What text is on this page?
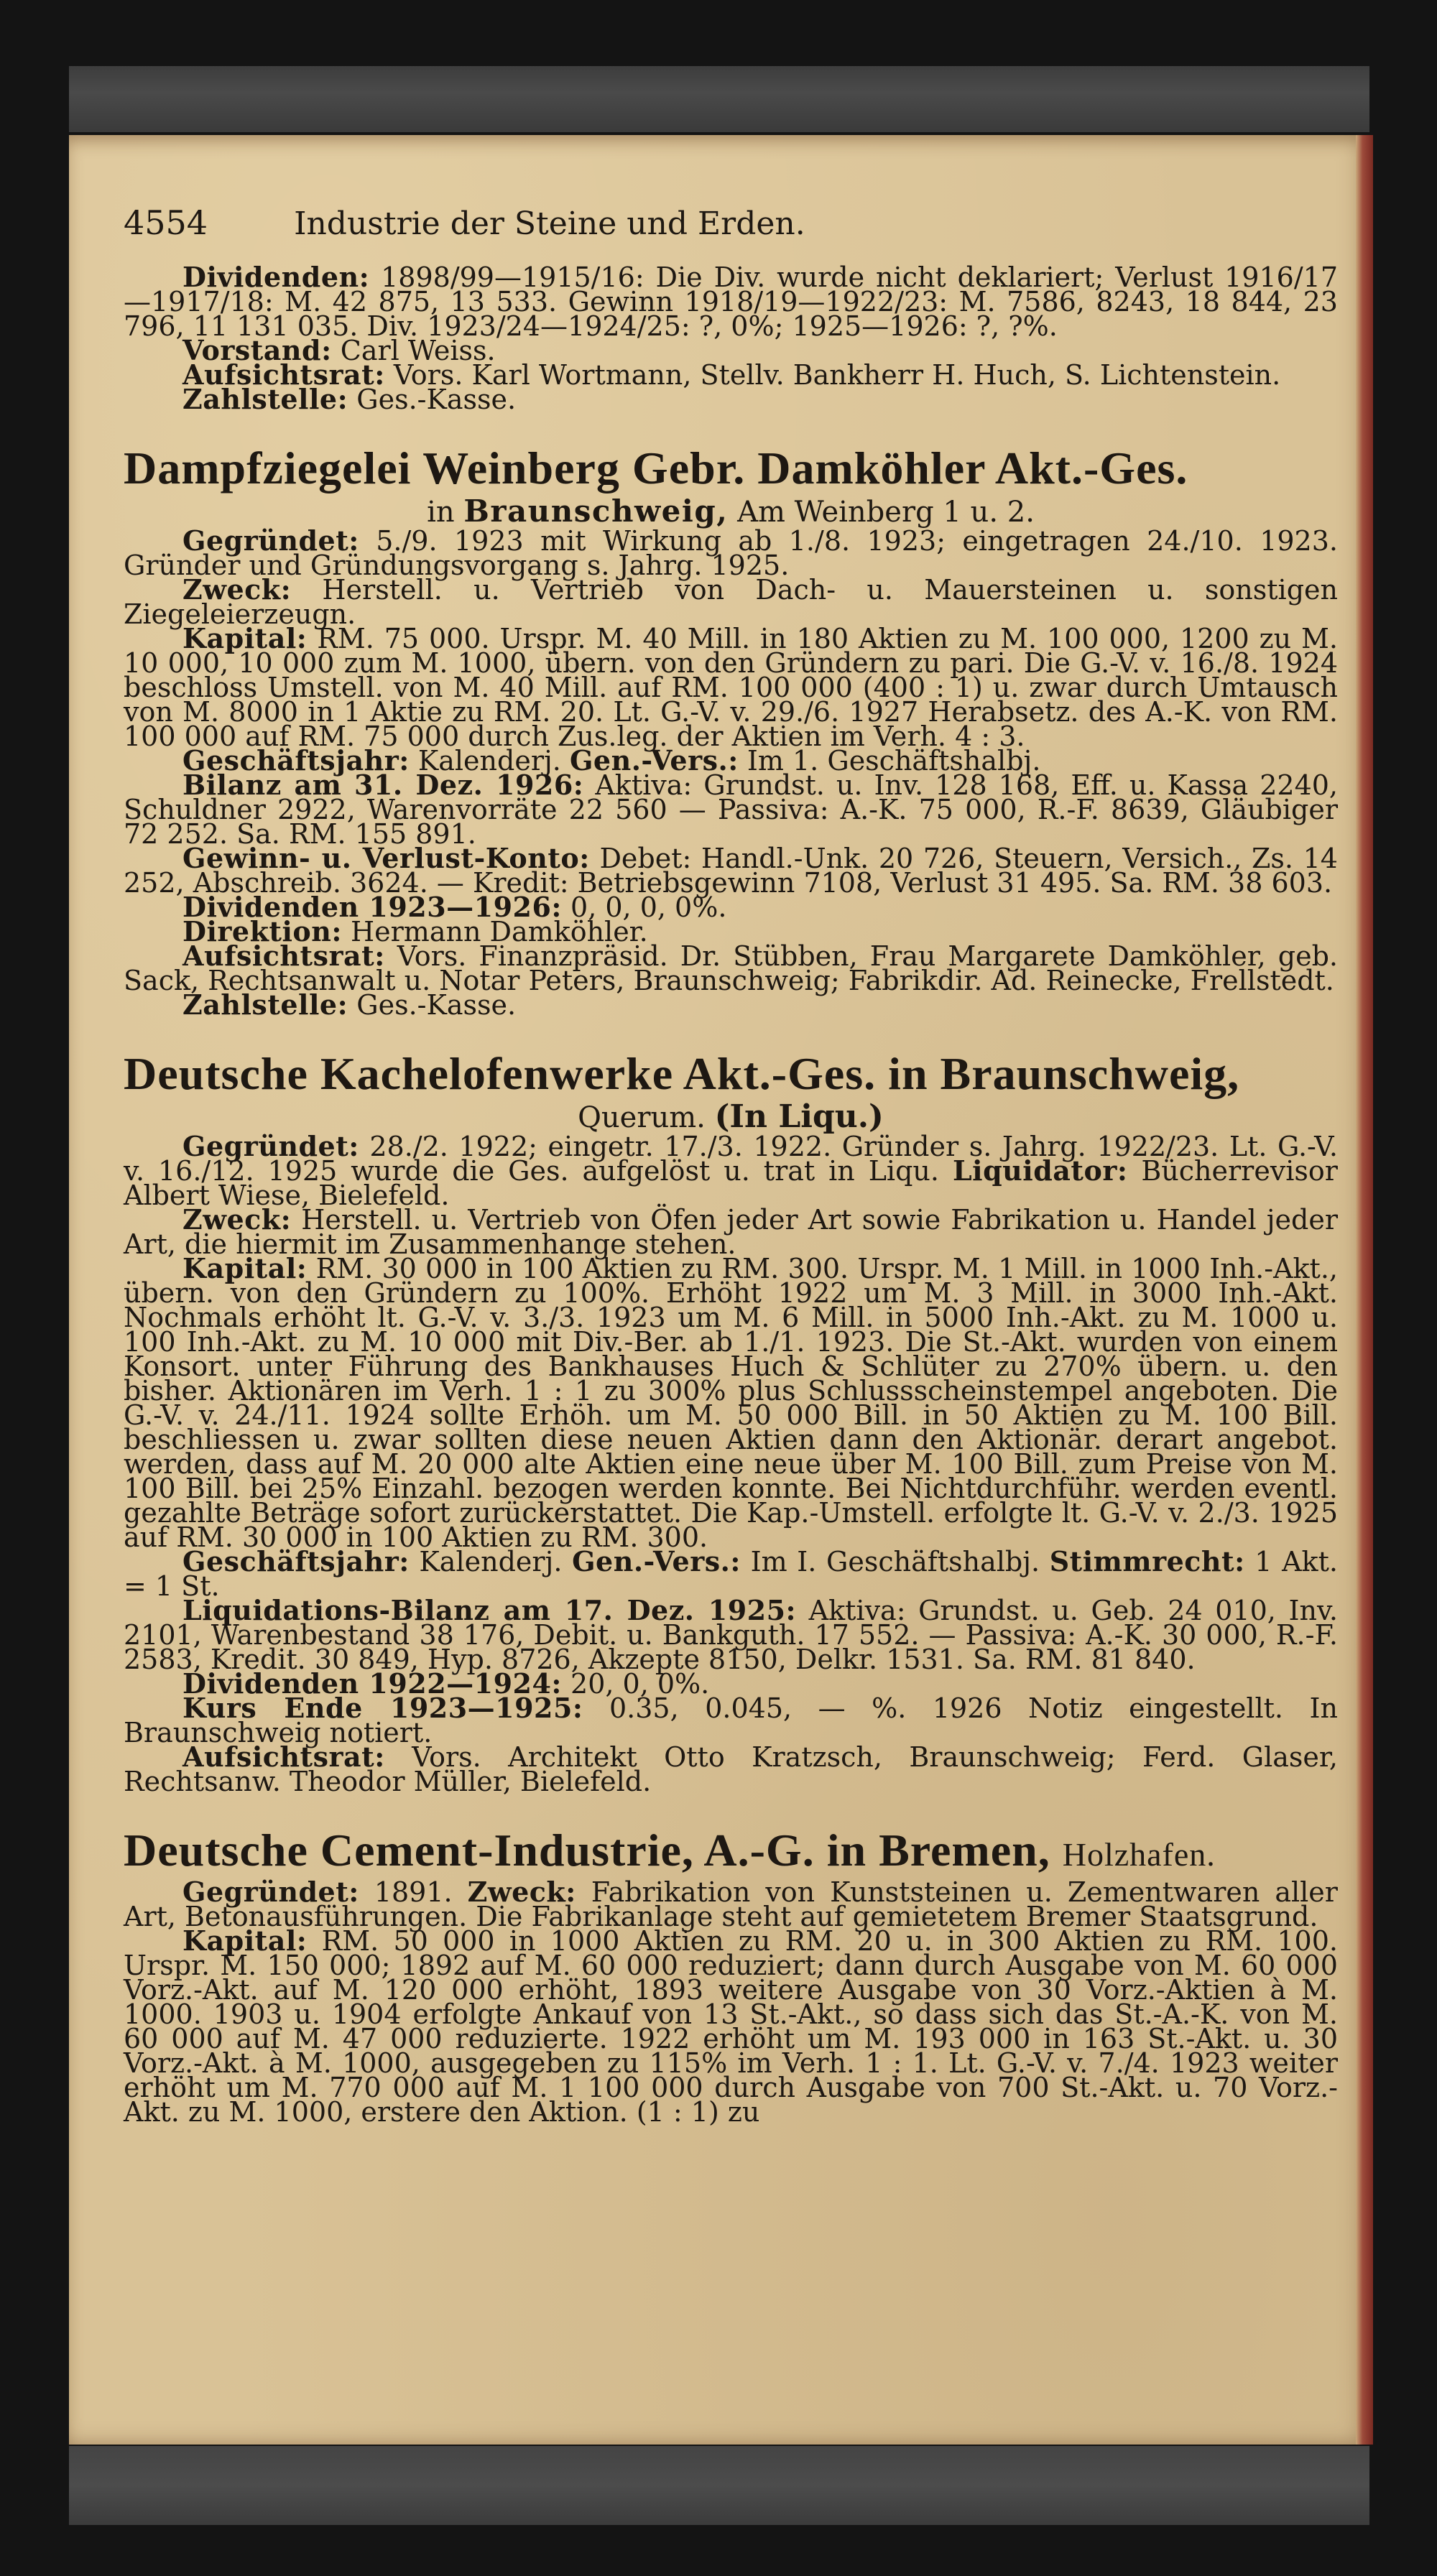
4554	Industrie der Steine und Erden.

Dividenden: 1898/99—1915/16: Die Div. wurde nicht deklariert; Verlust 1916/17—1917/18: M. 42 875, 13 533. Gewinn 1918/19—1922/23: M. 7586, 8243, 18 844, 23 796, 11 131 035. Div. 1923/24—1924/25: ?, 0%; 1925—1926: ?, ?%.

Vorstand: Carl Weiss.

Aufsichtsrat: Vors. Karl Wortmann, Stellv. Bankherr H. Huch, S. Lichtenstein.

Zahlstelle: Ges.-Kasse.

Dampfziegelei Weinberg Gebr. Damköhler Akt.-Ges.
in Braunschweig, Am Weinberg 1 u. 2.

Gegründet: 5./9. 1923 mit Wirkung ab 1./8. 1923; eingetragen 24./10. 1923. Gründer und Gründungsvorgang s. Jahrg. 1925.

Zweck: Herstell. u. Vertrieb von Dach- u. Mauersteinen u. sonstigen Ziegeleierzeugn.

Kapital: RM. 75 000. Urspr. M. 40 Mill. in 180 Aktien zu M. 100 000, 1200 zu M. 10 000, 10 000 zum M. 1000, übern. von den Gründern zu pari. Die G.-V. v. 16./8. 1924 beschloss Umstell. von M. 40 Mill. auf RM. 100 000 (400 : 1) u. zwar durch Umtausch von M. 8000 in 1 Aktie zu RM. 20. Lt. G.-V. v. 29./6. 1927 Herabsetz. des A.-K. von RM. 100 000 auf RM. 75 000 durch Zus.leg. der Aktien im Verh. 4 : 3.

Geschäftsjahr: Kalenderj. Gen.-Vers.: Im 1. Geschäftshalbj.

Bilanz am 31. Dez. 1926: Aktiva: Grundst. u. Inv. 128 168, Eff. u. Kassa 2240, Schuldner 2922, Warenvorräte 22 560 — Passiva: A.-K. 75 000, R.-F. 8639, Gläubiger 72 252. Sa. RM. 155 891.

Gewinn- u. Verlust-Konto: Debet: Handl.-Unk. 20 726, Steuern, Versich., Zs. 14 252, Abschreib. 3624. — Kredit: Betriebsgewinn 7108, Verlust 31 495. Sa. RM. 38 603.

Dividenden 1923—1926: 0, 0, 0, 0%.

Direktion: Hermann Damköhler.

Aufsichtsrat: Vors. Finanzpräsid. Dr. Stübben, Frau Margarete Damköhler, geb. Sack, Rechtsanwalt u. Notar Peters, Braunschweig; Fabrikdir. Ad. Reinecke, Frellstedt.

Zahlstelle: Ges.-Kasse.

Deutsche Kachelofenwerke Akt.-Ges. in Braunschweig,
Querum. (In Liqu.)

Gegründet: 28./2. 1922; eingetr. 17./3. 1922. Gründer s. Jahrg. 1922/23. Lt. G.-V. v. 16./12. 1925 wurde die Ges. aufgelöst u. trat in Liqu. Liquidator: Bücherrevisor Albert Wiese, Bielefeld.

Zweck: Herstell. u. Vertrieb von Öfen jeder Art sowie Fabrikation u. Handel jeder Art, die hiermit im Zusammenhange stehen.

Kapital: RM. 30 000 in 100 Aktien zu RM. 300. Urspr. M. 1 Mill. in 1000 Inh.-Akt., übern. von den Gründern zu 100%. Erhöht 1922 um M. 3 Mill. in 3000 Inh.-Akt. Nochmals erhöht lt. G.-V. v. 3./3. 1923 um M. 6 Mill. in 5000 Inh.-Akt. zu M. 1000 u. 100 Inh.-Akt. zu M. 10 000 mit Div.-Ber. ab 1./1. 1923. Die St.-Akt. wurden von einem Konsort. unter Führung des Bankhauses Huch & Schlüter zu 270% übern. u. den bisher. Aktionären im Verh. 1 : 1 zu 300% plus Schlussscheinstempel angeboten. Die G.-V. v. 24./11. 1924 sollte Erhöh. um M. 50 000 Bill. in 50 Aktien zu M. 100 Bill. beschliessen u. zwar sollten diese neuen Aktien dann den Aktionär. derart angebot. werden, dass auf M. 20 000 alte Aktien eine neue über M. 100 Bill. zum Preise von M. 100 Bill. bei 25% Einzahl. bezogen werden konnte. Bei Nichtdurchführ. werden eventl. gezahlte Beträge sofort zurückerstattet. Die Kap.-Umstell. erfolgte lt. G.-V. v. 2./3. 1925 auf RM. 30 000 in 100 Aktien zu RM. 300.

Geschäftsjahr: Kalenderj. Gen.-Vers.: Im I. Geschäftshalbj. Stimmrecht: 1 Akt. = 1 St.

Liquidations-Bilanz am 17. Dez. 1925: Aktiva: Grundst. u. Geb. 24 010, Inv. 2101, Warenbestand 38 176, Debit. u. Bankguth. 17 552. — Passiva: A.-K. 30 000, R.-F. 2583, Kredit. 30 849, Hyp. 8726, Akzepte 8150, Delkr. 1531. Sa. RM. 81 840.

Dividenden 1922—1924: 20, 0, 0%.

Kurs Ende 1923—1925: 0.35, 0.045, — %. 1926 Notiz eingestellt. In Braunschweig notiert.

Aufsichtsrat: Vors. Architekt Otto Kratzsch, Braunschweig; Ferd. Glaser, Rechtsanw. Theodor Müller, Bielefeld.

Deutsche Cement-Industrie, A.-G. in Bremen, Holzhafen.

Gegründet: 1891. Zweck: Fabrikation von Kunststeinen u. Zementwaren aller Art, Betonausführungen. Die Fabrikanlage steht auf gemietetem Bremer Staatsgrund.

Kapital: RM. 50 000 in 1000 Aktien zu RM. 20 u. in 300 Aktien zu RM. 100. Urspr. M. 150 000; 1892 auf M. 60 000 reduziert; dann durch Ausgabe von M. 60 000 Vorz.-Akt. auf M. 120 000 erhöht, 1893 weitere Ausgabe von 30 Vorz.-Aktien à M. 1000. 1903 u. 1904 erfolgte Ankauf von 13 St.-Akt., so dass sich das St.-A.-K. von M. 60 000 auf M. 47 000 reduzierte. 1922 erhöht um M. 193 000 in 163 St.-Akt. u. 30 Vorz.-Akt. à M. 1000, ausgegeben zu 115% im Verh. 1 : 1. Lt. G.-V. v. 7./4. 1923 weiter erhöht um M. 770 000 auf M. 1 100 000 durch Ausgabe von 700 St.-Akt. u. 70 Vorz.-Akt. zu M. 1000, erstere den Aktion. (1 : 1) zu
